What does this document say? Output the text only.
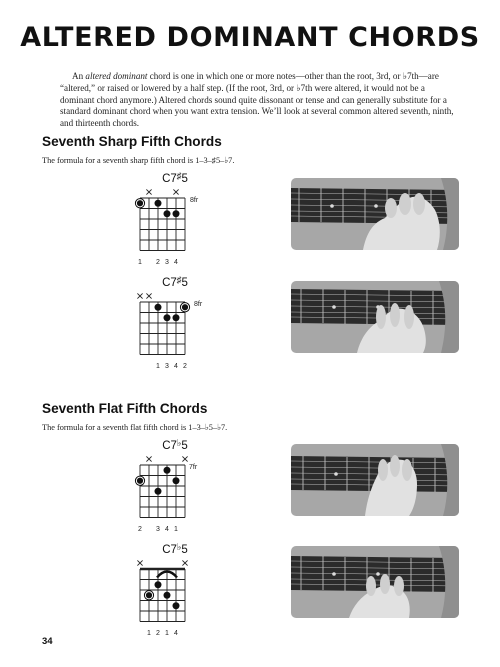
ALTERED DOMINANT CHORDS

An altered dominant chord is one in which one or more notes—other than the root, 3rd, or ♭7th—are “altered,” or raised or lowered by a half step. (If the root, 3rd, or ♭7th were altered, it would not be a dominant chord anymore.) Altered chords sound quite dissonant or tense and can generally substitute for a standard dominant chord when you want extra tension. We’ll look at several common altered seventh, ninth, and thirteenth chords.

Seventh Sharp Fifth Chords
The formula for a seventh sharp fifth chord is 1–3–♯5–♭7.
C7♯5
8fr
1 2 3 4
C7♯5
8fr
1 3 4 2
Seventh Flat Fifth Chords
The formula for a seventh flat fifth chord is 1–3–♭5–♭7.
C7♭5
7fr
2 3 4 1
C7♭5
1 2 1 4
34
